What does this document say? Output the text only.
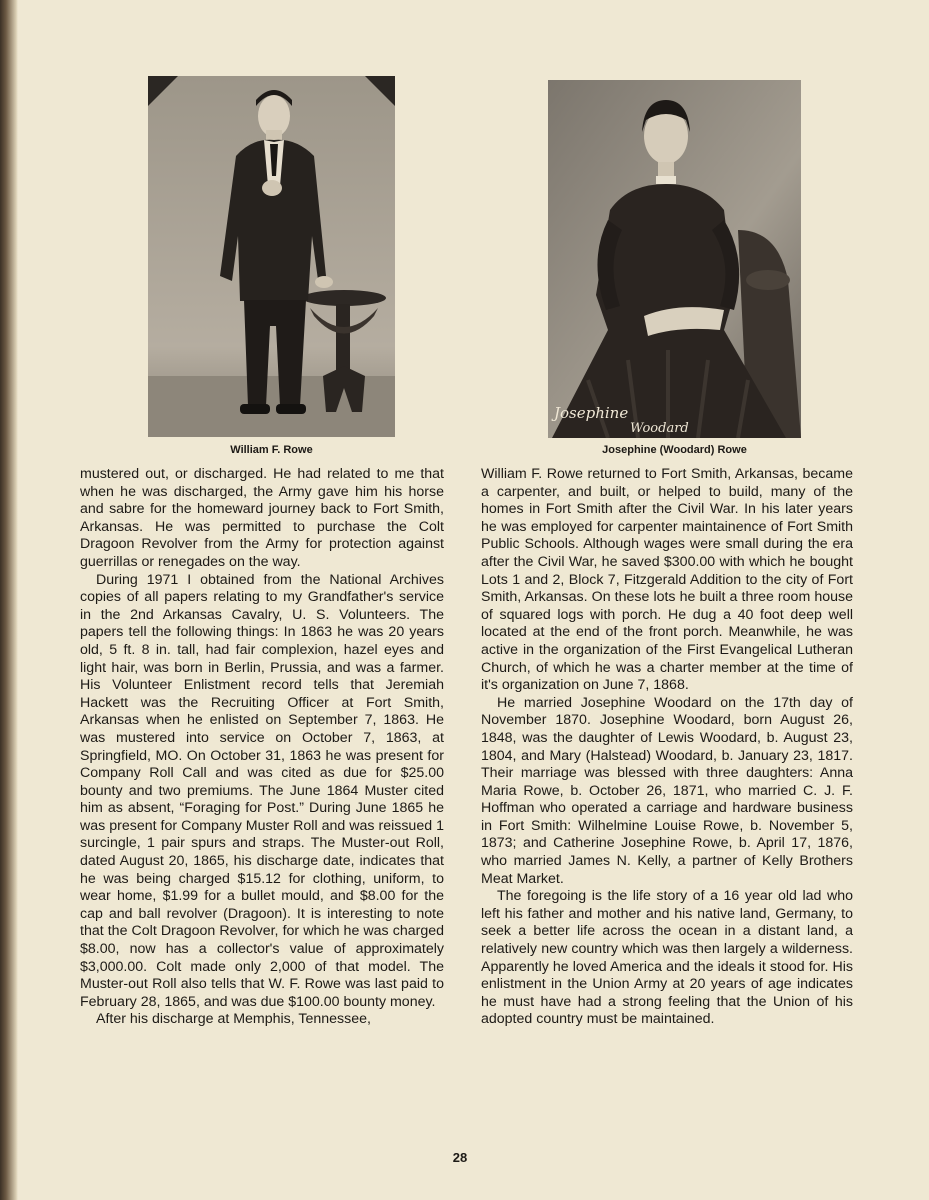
William F. Rowe
Josephine
Woodard
Josephine (Woodard) Rowe

mustered out, or discharged. He had related to me that when he was discharged, the Army gave him his horse and sabre for the homeward journey back to Fort Smith, Arkansas. He was permitted to purchase the Colt Dragoon Revolver from the Army for protection against guerrillas or renegades on the way.

During 1971 I obtained from the National Archives copies of all papers relating to my Grandfather's service in the 2nd Arkansas Cavalry, U. S. Volunteers. The papers tell the following things: In 1863 he was 20 years old, 5 ft. 8 in. tall, had fair complexion, hazel eyes and light hair, was born in Berlin, Prussia, and was a farmer. His Volunteer Enlistment record tells that Jeremiah Hackett was the Recruiting Officer at Fort Smith, Arkansas when he enlisted on September 7, 1863. He was mustered into service on October 7, 1863, at Springfield, MO. On October 31, 1863 he was present for Company Roll Call and was cited as due for $25.00 bounty and two premiums. The June 1864 Muster cited him as absent, “Foraging for Post.” During June 1865 he was present for Company Muster Roll and was reissued 1 surcingle, 1 pair spurs and straps. The Muster-out Roll, dated August 20, 1865, his discharge date, indicates that he was being charged $15.12 for clothing, uniform, to wear home, $1.99 for a bullet mould, and $8.00 for the cap and ball revolver (Dragoon). It is interesting to note that the Colt Dragoon Revolver, for which he was charged $8.00, now has a collector's value of approximately $3,000.00. Colt made only 2,000 of that model. The Muster-out Roll also tells that W. F. Rowe was last paid to February 28, 1865, and was due $100.00 bounty money.

After his discharge at Memphis, Tennessee,

William F. Rowe returned to Fort Smith, Arkansas, became a carpenter, and built, or helped to build, many of the homes in Fort Smith after the Civil War. In his later years he was employed for carpenter maintainence of Fort Smith Public Schools. Although wages were small during the era after the Civil War, he saved $300.00 with which he bought Lots 1 and 2, Block 7, Fitzgerald Addition to the city of Fort Smith, Arkansas. On these lots he built a three room house of squared logs with porch. He dug a 40 foot deep well located at the end of the front porch. Meanwhile, he was active in the organization of the First Evangelical Lutheran Church, of which he was a charter member at the time of it's organization on June 7, 1868.

He married Josephine Woodard on the 17th day of November 1870. Josephine Woodard, born August 26, 1848, was the daughter of Lewis Woodard, b. August 23, 1804, and Mary (Halstead) Woodard, b. January 23, 1817. Their marriage was blessed with three daughters: Anna Maria Rowe, b. October 26, 1871, who married C. J. F. Hoffman who operated a carriage and hardware business in Fort Smith: Wilhelmine Louise Rowe, b. November 5, 1873; and Catherine Josephine Rowe, b. April 17, 1876, who married James N. Kelly, a partner of Kelly Brothers Meat Market.

The foregoing is the life story of a 16 year old lad who left his father and mother and his native land, Germany, to seek a better life across the ocean in a distant land, a relatively new country which was then largely a wilderness. Apparently he loved America and the ideals it stood for. His enlistment in the Union Army at 20 years of age indicates he must have had a strong feeling that the Union of his adopted country must be maintained.

28
